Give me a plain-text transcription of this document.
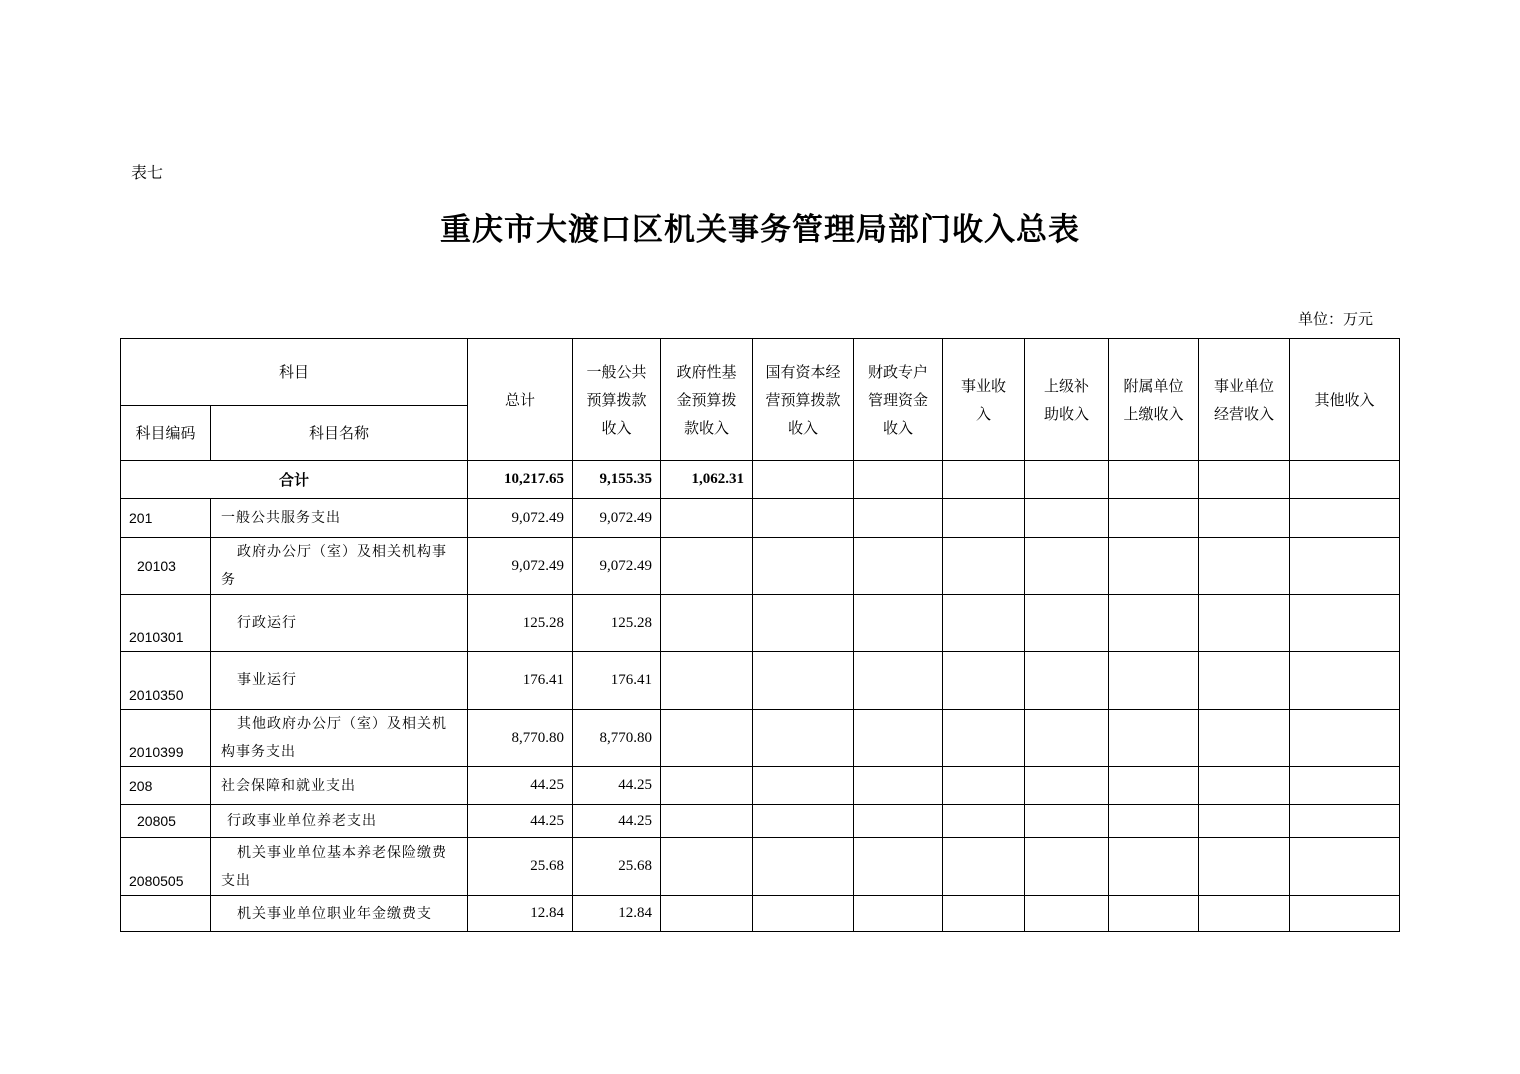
表七
重庆市大渡口区机关事务管理局部门收入总表
单位：万元
科目		总计	一般公共
预算拨款
收入	政府性基
金预算拨
款收入	国有资本经
营预算拨款
收入	财政专户
管理资金
收入	事业收
入	上级补
助收入	附属单位
上缴收入	事业单位
经营收入	其他收入

科目编码	科目名称										
合计		10,217.65	9,155.35	1,062.31							
201	一般公共服务支出	9,072.49	9,072.49								
20103	政府办公厅（室）及相关机构事务	9,072.49	9,072.49								
2010301	行政运行	125.28	125.28								
2010350	事业运行	176.41	176.41								
2010399	其他政府办公厅（室）及相关机构事务支出	8,770.80	8,770.80								
208	社会保障和就业支出	44.25	44.25								
20805	行政事业单位养老支出	44.25	44.25								
2080505	机关事业单位基本养老保险缴费支出	25.68	25.68								
	机关事业单位职业年金缴费支	12.84	12.84								
